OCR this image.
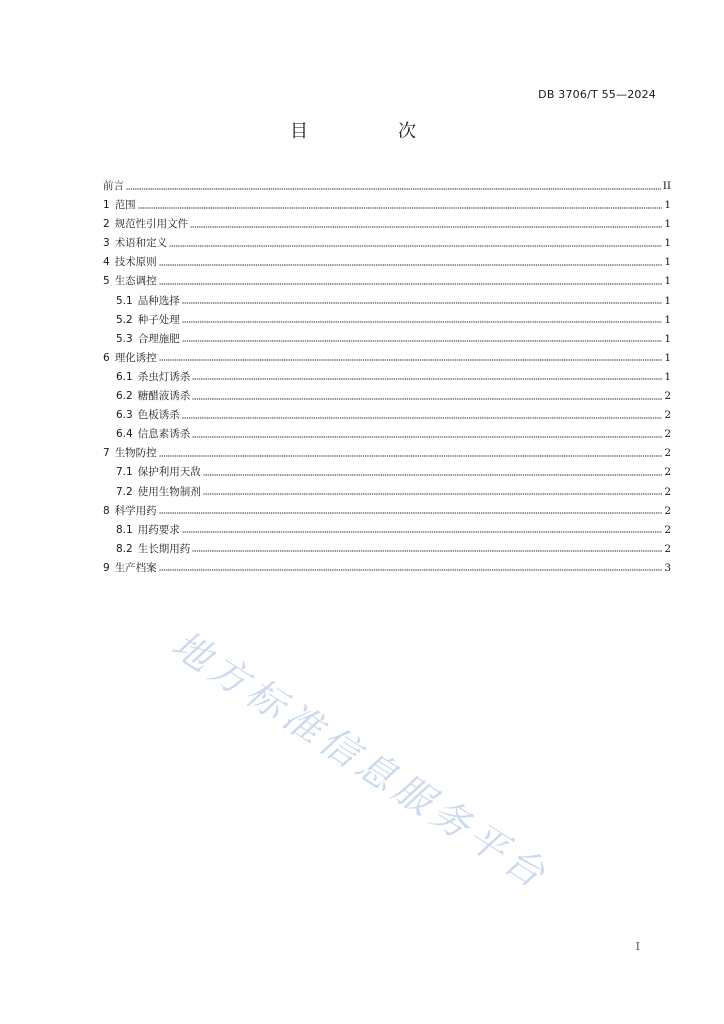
DB 3706/T 55—2024
目　次
前言	II
1 范围	1
2 规范性引用文件	1
3 术语和定义	1
4 技术原则	1
5 生态调控	1
5.1 品种选择	1
5.2 种子处理	1
5.3 合理施肥	1
6 理化诱控	1
6.1 杀虫灯诱杀	1
6.2 糖醋液诱杀	2
6.3 色板诱杀	2
6.4 信息素诱杀	2
7 生物防控	2
7.1 保护利用天敌	2
7.2 使用生物制剂	2
8 科学用药	2
8.1 用药要求	2
8.2 生长期用药	2
9 生产档案	3
地方标准信息服务平台
I
